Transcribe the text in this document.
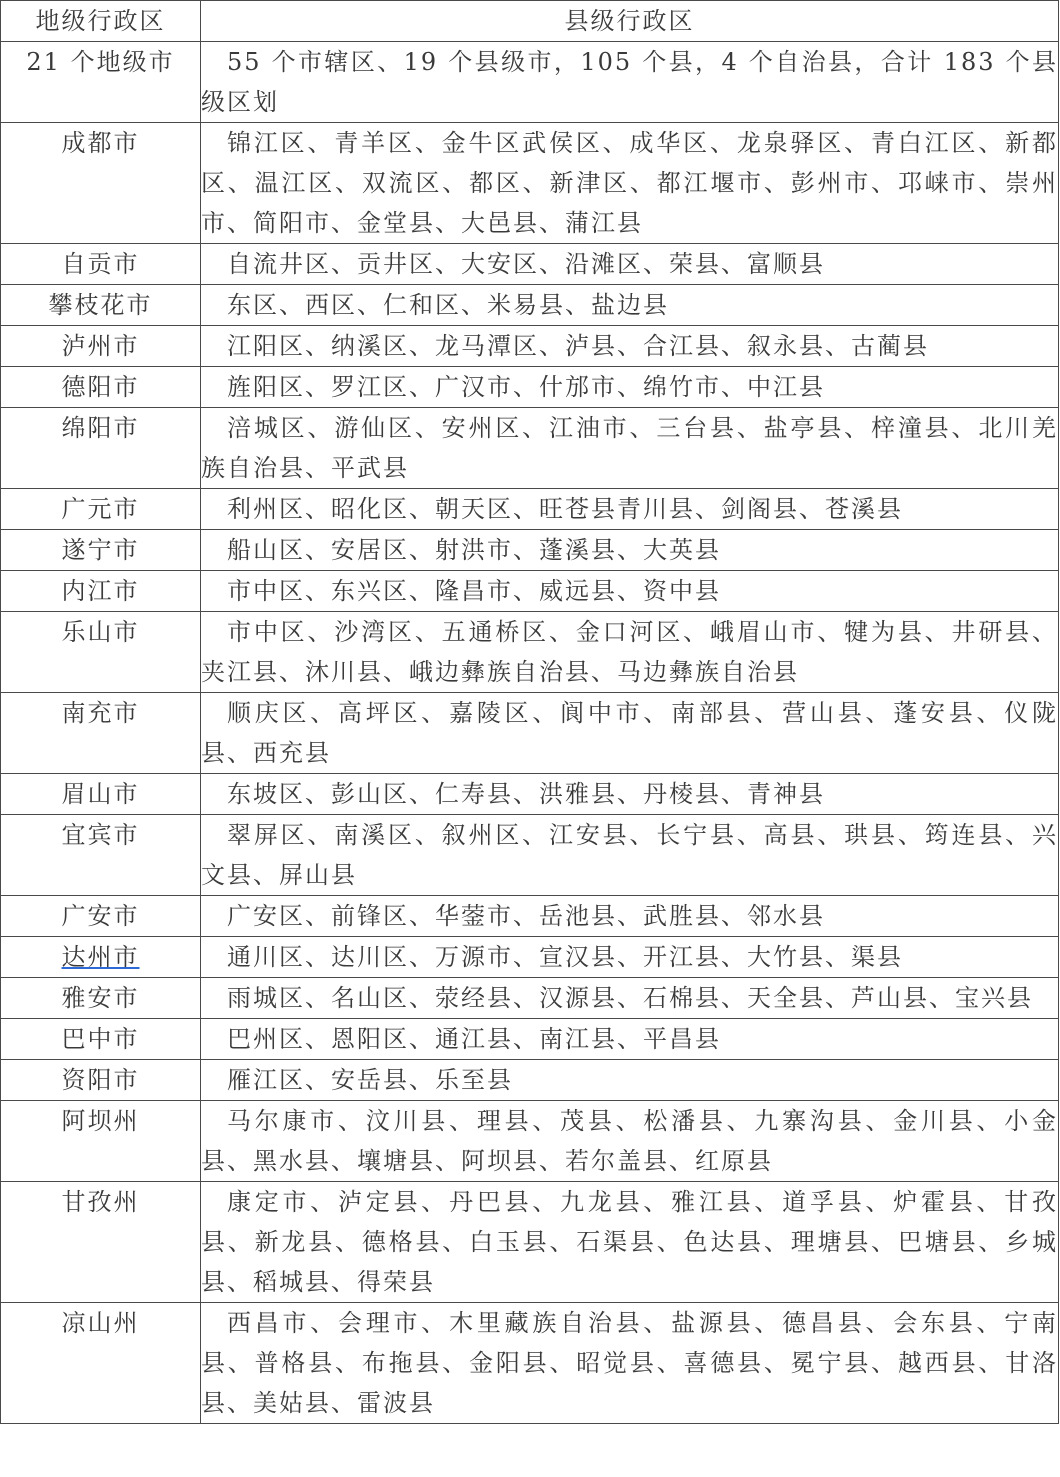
地级行政区	县级行政区
21 个地级市	55 个市辖区、19 个县级市，105 个县，4 个自治县，合计 183 个县级区划
成都市	锦江区、青羊区、金牛区武侯区、成华区、龙泉驿区、青白江区、新都区、温江区、双流区、都区、新津区、都江堰市、彭州市、邛崃市、崇州市、简阳市、金堂县、大邑县、蒲江县
自贡市	自流井区、贡井区、大安区、沿滩区、荣县、富顺县
攀枝花市	东区、西区、仁和区、米易县、盐边县
泸州市	江阳区、纳溪区、龙马潭区、泸县、合江县、叙永县、古蔺县
德阳市	旌阳区、罗江区、广汉市、什邡市、绵竹市、中江县
绵阳市	涪城区、游仙区、安州区、江油市、三台县、盐亭县、梓潼县、北川羌族自治县、平武县
广元市	利州区、昭化区、朝天区、旺苍县青川县、剑阁县、苍溪县
遂宁市	船山区、安居区、射洪市、蓬溪县、大英县
内江市	市中区、东兴区、隆昌市、威远县、资中县
乐山市	市中区、沙湾区、五通桥区、金口河区、峨眉山市、犍为县、井研县、夹江县、沐川县、峨边彝族自治县、马边彝族自治县
南充市	顺庆区、高坪区、嘉陵区、阆中市、南部县、营山县、蓬安县、仪陇县、西充县
眉山市	东坡区、彭山区、仁寿县、洪雅县、丹棱县、青神县
宜宾市	翠屏区、南溪区、叙州区、江安县、长宁县、高县、珙县、筠连县、兴文县、屏山县
广安市	广安区、前锋区、华蓥市、岳池县、武胜县、邻水县
达州市	通川区、达川区、万源市、宣汉县、开江县、大竹县、渠县
雅安市	雨城区、名山区、荥经县、汉源县、石棉县、天全县、芦山县、宝兴县
巴中市	巴州区、恩阳区、通江县、南江县、平昌县
资阳市	雁江区、安岳县、乐至县
阿坝州	马尔康市、汶川县、理县、茂县、松潘县、九寨沟县、金川县、小金县、黑水县、壤塘县、阿坝县、若尔盖县、红原县
甘孜州	康定市、泸定县、丹巴县、九龙县、雅江县、道孚县、炉霍县、甘孜县、新龙县、德格县、白玉县、石渠县、色达县、理塘县、巴塘县、乡城县、稻城县、得荣县
凉山州	西昌市、会理市、木里藏族自治县、盐源县、德昌县、会东县、宁南县、普格县、布拖县、金阳县、昭觉县、喜德县、冕宁县、越西县、甘洛县、美姑县、雷波县
